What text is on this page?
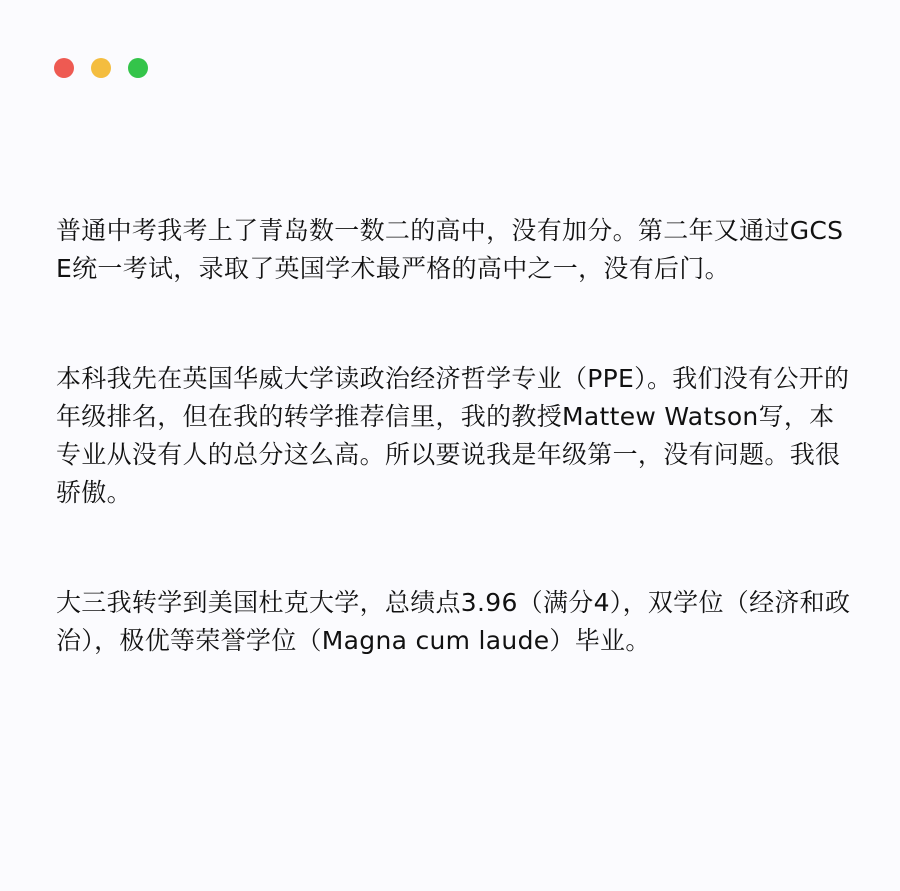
普通中考我考上了青岛数一数二的高中，没有加分。第二年又通过GCSE统一考试，录取了英国学术最严格的高中之一，没有后门。

本科我先在英国华威大学读政治经济哲学专业（PPE）。我们没有公开的年级排名，但在我的转学推荐信里，我的教授Mattew Watson写，本专业从没有人的总分这么高。所以要说我是年级第一，没有问题。我很骄傲。

大三我转学到美国杜克大学，总绩点3.96（满分4），双学位（经济和政治），极优等荣誉学位（Magna cum laude）毕业。
